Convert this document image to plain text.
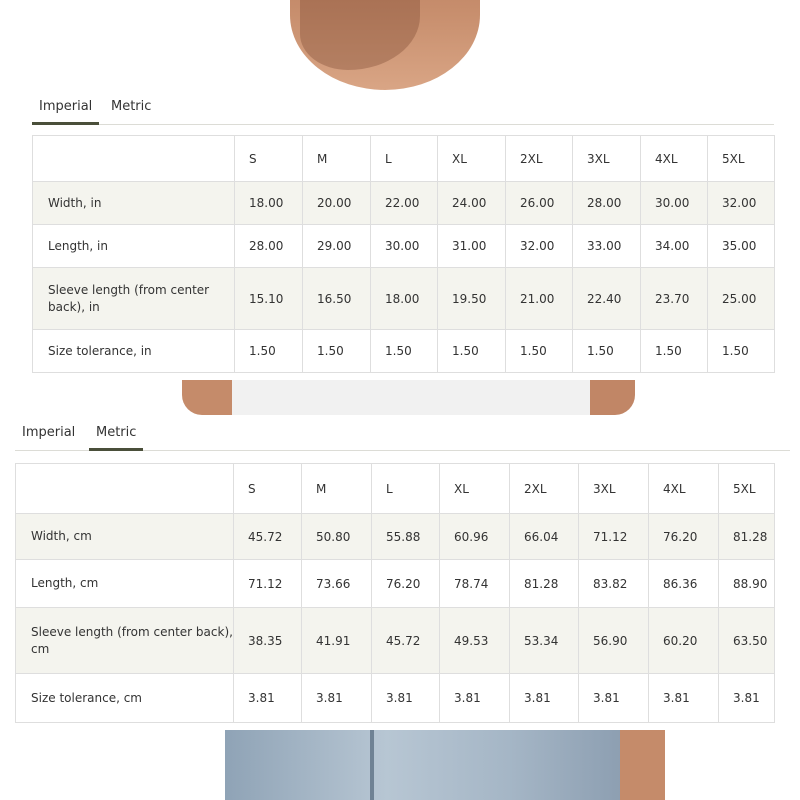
Imperial	Metric
	S	M	L	XL	2XL	3XL	4XL	5XL
Width, in	18.00	20.00	22.00	24.00	26.00	28.00	30.00	32.00
Length, in	28.00	29.00	30.00	31.00	32.00	33.00	34.00	35.00
Sleeve length (from center back), in	15.10	16.50	18.00	19.50	21.00	22.40	23.70	25.00
Size tolerance, in	1.50	1.50	1.50	1.50	1.50	1.50	1.50	1.50
Imperial	Metric
	S	M	L	XL	2XL	3XL	4XL	5XL
Width, cm	45.72	50.80	55.88	60.96	66.04	71.12	76.20	81.28
Length, cm	71.12	73.66	76.20	78.74	81.28	83.82	86.36	88.90
Sleeve length (from center back), cm	38.35	41.91	45.72	49.53	53.34	56.90	60.20	63.50
Size tolerance, cm	3.81	3.81	3.81	3.81	3.81	3.81	3.81	3.81
